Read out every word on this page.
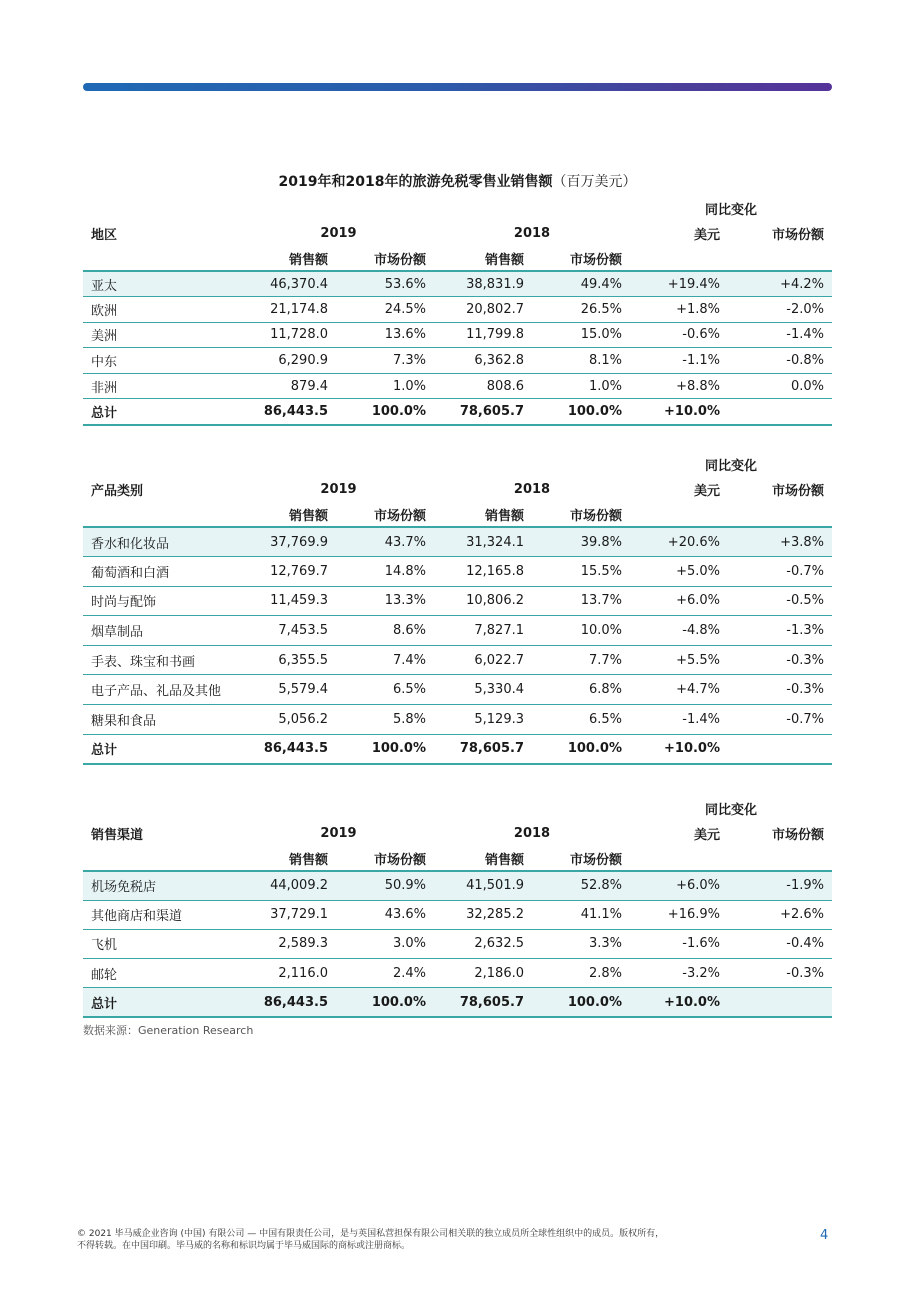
2019年和2018年的旅游免税零售业销售额（百万美元）
					同比变化	
地区	2019		2018		美元	市场份额
	销售额	市场份额	销售额	市场份额		
亚太	46,370.4	53.6%	38,831.9	49.4%	+19.4%	+4.2%
欧洲	21,174.8	24.5%	20,802.7	26.5%	+1.8%	-2.0%
美洲	11,728.0	13.6%	11,799.8	15.0%	-0.6%	-1.4%
中东	6,290.9	7.3%	6,362.8	8.1%	-1.1%	-0.8%
非洲	879.4	1.0%	808.6	1.0%	+8.8%	0.0%
总计	86,443.5	100.0%	78,605.7	100.0%	+10.0%	
					同比变化	
产品类别	2019		2018		美元	市场份额
	销售额	市场份额	销售额	市场份额		
香水和化妆品	37,769.9	43.7%	31,324.1	39.8%	+20.6%	+3.8%
葡萄酒和白酒	12,769.7	14.8%	12,165.8	15.5%	+5.0%	-0.7%
时尚与配饰	11,459.3	13.3%	10,806.2	13.7%	+6.0%	-0.5%
烟草制品	7,453.5	8.6%	7,827.1	10.0%	-4.8%	-1.3%
手表、珠宝和书画	6,355.5	7.4%	6,022.7	7.7%	+5.5%	-0.3%
电子产品、礼品及其他	5,579.4	6.5%	5,330.4	6.8%	+4.7%	-0.3%
糖果和食品	5,056.2	5.8%	5,129.3	6.5%	-1.4%	-0.7%
总计	86,443.5	100.0%	78,605.7	100.0%	+10.0%	
					同比变化	
销售渠道	2019		2018		美元	市场份额
	销售额	市场份额	销售额	市场份额		
机场免税店	44,009.2	50.9%	41,501.9	52.8%	+6.0%	-1.9%
其他商店和渠道	37,729.1	43.6%	32,285.2	41.1%	+16.9%	+2.6%
飞机	2,589.3	3.0%	2,632.5	3.3%	-1.6%	-0.4%
邮轮	2,116.0	2.4%	2,186.0	2.8%	-3.2%	-0.3%
总计	86,443.5	100.0%	78,605.7	100.0%	+10.0%	
数据来源：Generation Research
© 2021 毕马威企业咨询 (中国) 有限公司 — 中国有限责任公司，是与英国私营担保有限公司相关联的独立成员所全球性组织中的成员。版权所有，
不得转载。在中国印刷。毕马威的名称和标识均属于毕马威国际的商标或注册商标。
4
